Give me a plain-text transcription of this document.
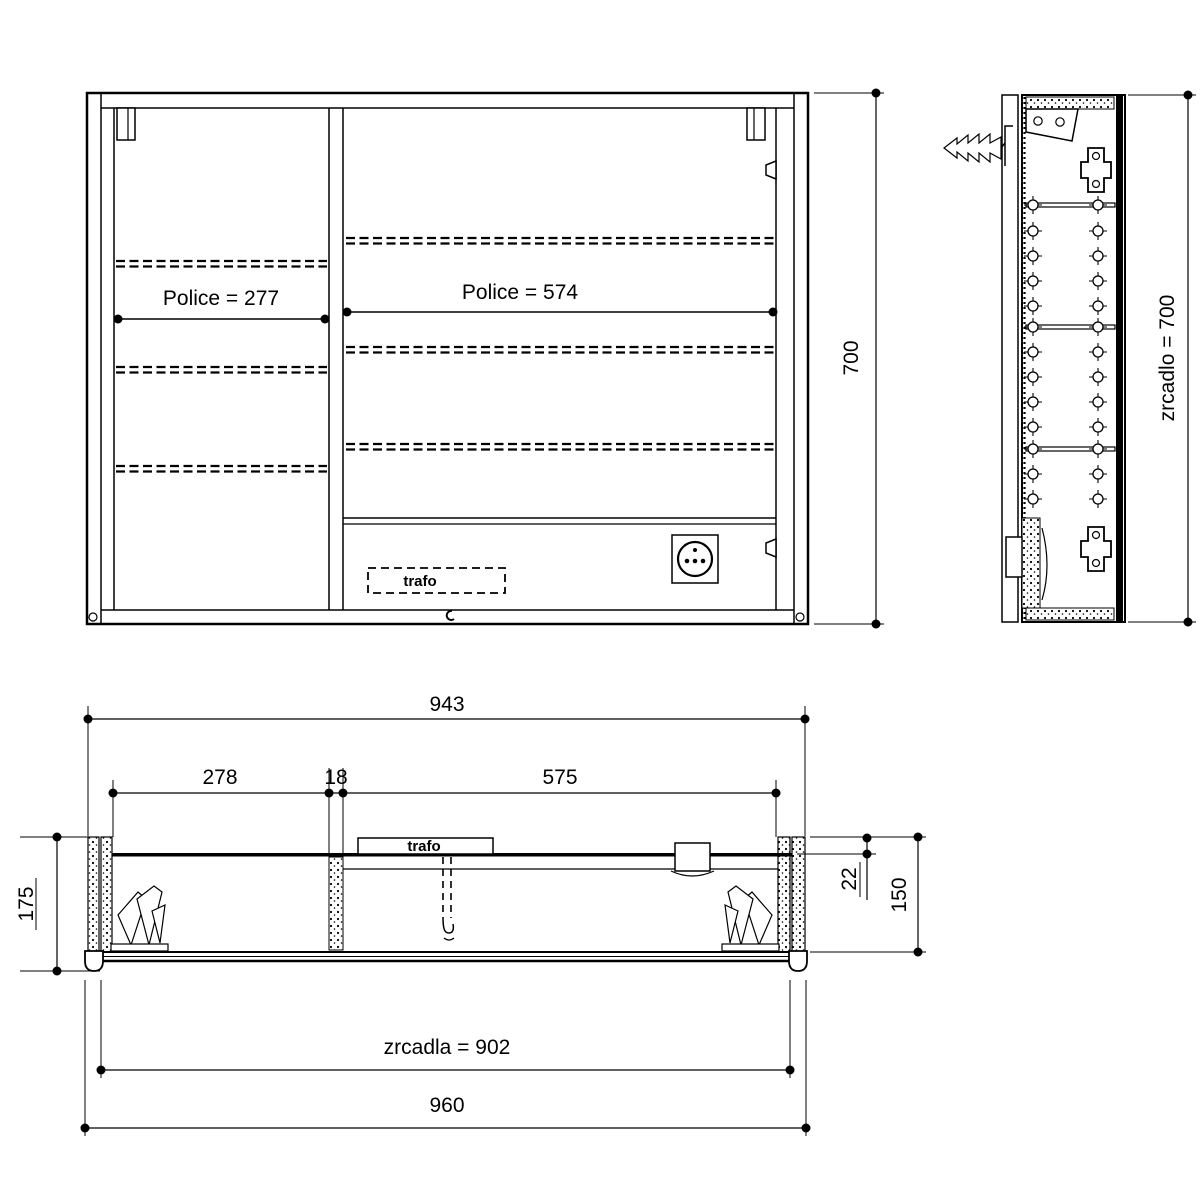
Police = 277	Police = 574
trafo
700	zrcadlo = 700
943
278	18	575
trafo
zrcadla = 902
960
175
22 150
